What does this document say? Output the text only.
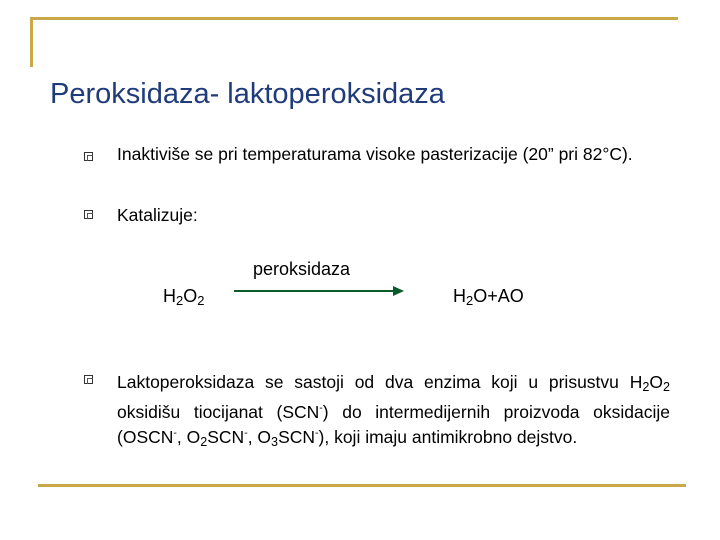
Peroksidaza- laktoperoksidaza
Inaktiviše se pri temperaturama visoke pasterizacije (20” pri 82°C).
Katalizuje:
peroksidaza
$H_2O_2$	$H_2O+AO$
Laktoperoksidaza se sastoji od dva enzima koji u prisustvu $H_2O_2$ oksidišu tiocijanat (SCN-) do intermedijernih proizvoda oksidacije (OSCN-, $O_2SCN^-$, $O_3SCN^-$), koji imaju antimikrobno dejstvo.
